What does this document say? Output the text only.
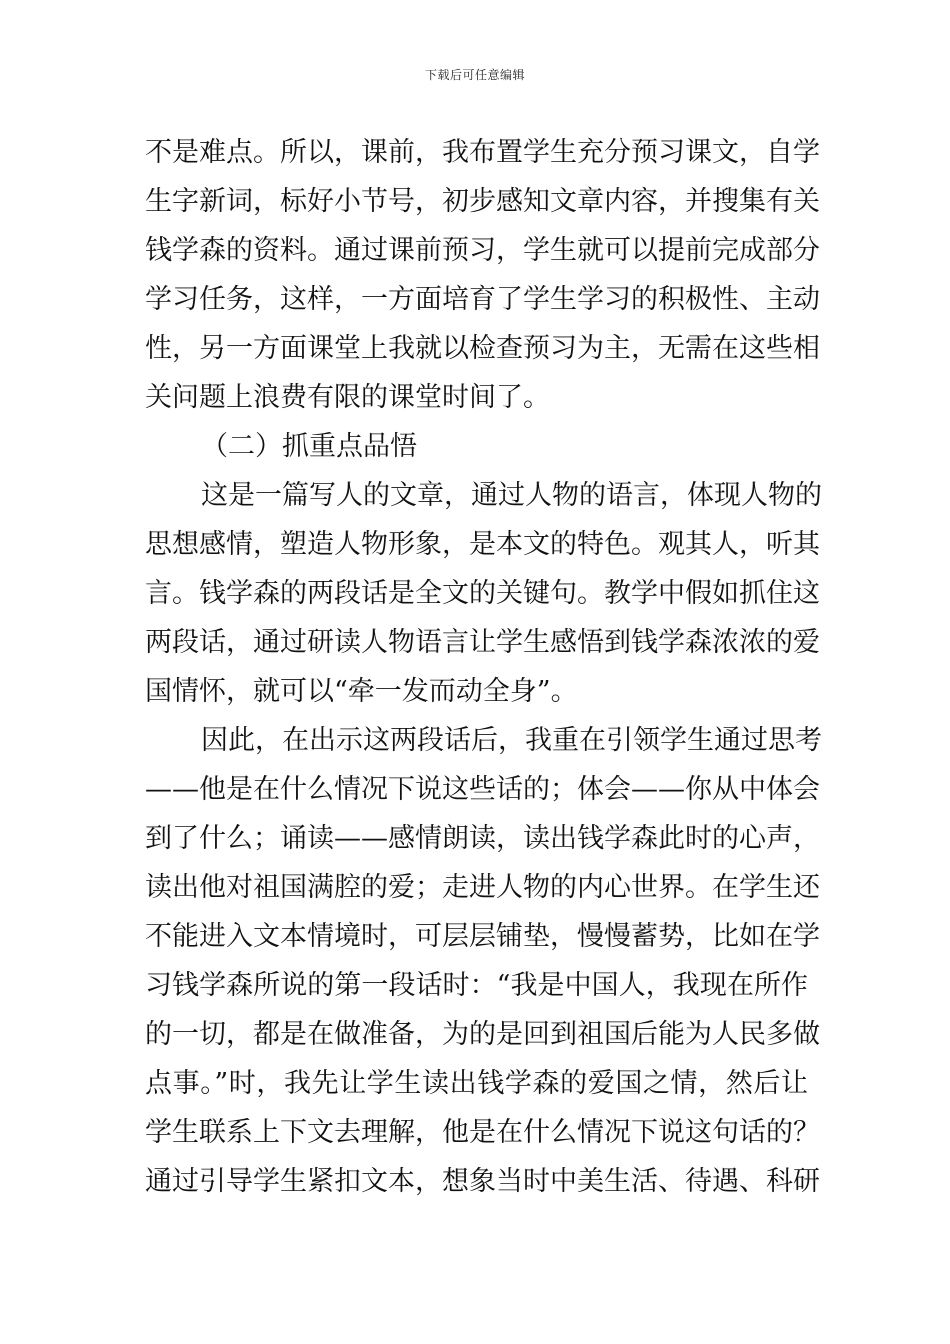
下载后可任意编辑
不是难点。所以，课前，我布置学生充分预习课文，自学
生字新词，标好小节号，初步感知文章内容，并搜集有关
钱学森的资料。通过课前预习，学生就可以提前完成部分
学习任务，这样，一方面培育了学生学习的积极性、主动
性，另一方面课堂上我就以检查预习为主，无需在这些相
关问题上浪费有限的课堂时间了。
（二）抓重点品悟
这是一篇写人的文章，通过人物的语言，体现人物的
思想感情，塑造人物形象，是本文的特色。观其人，听其
言。钱学森的两段话是全文的关键句。教学中假如抓住这
两段话，通过研读人物语言让学生感悟到钱学森浓浓的爱
国情怀，就可以“牵一发而动全身”。
因此，在出示这两段话后，我重在引领学生通过思考
——他是在什么情况下说这些话的；体会——你从中体会
到了什么；诵读——感情朗读，读出钱学森此时的心声，
读出他对祖国满腔的爱；走进人物的内心世界。在学生还
不能进入文本情境时，可层层铺垫，慢慢蓄势，比如在学
习钱学森所说的第一段话时：“我是中国人，我现在所作
的一切，都是在做准备，为的是回到祖国后能为人民多做
点事。”时，我先让学生读出钱学森的爱国之情，然后让
学生联系上下文去理解，他是在什么情况下说这句话的？
通过引导学生紧扣文本，想象当时中美生活、待遇、科研
